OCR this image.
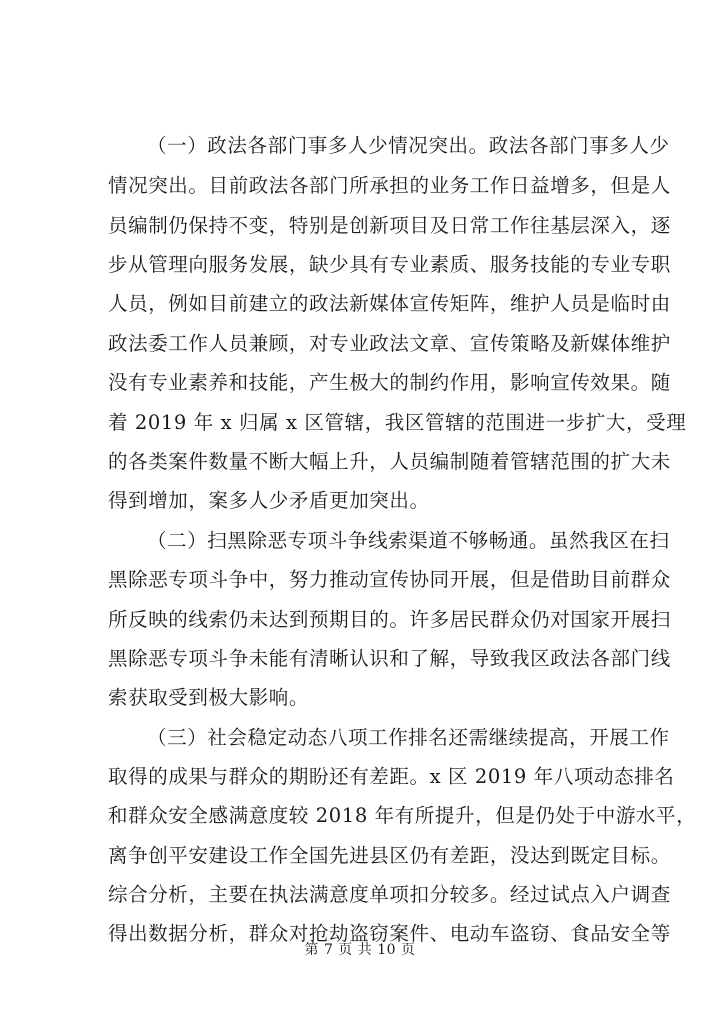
（一）政法各部门事多人少情况突出。政法各部门事多人少
情况突出。目前政法各部门所承担的业务工作日益增多，但是人
员编制仍保持不变，特别是创新项目及日常工作往基层深入，逐
步从管理向服务发展，缺少具有专业素质、服务技能的专业专职
人员，例如目前建立的政法新媒体宣传矩阵，维护人员是临时由
政法委工作人员兼顾，对专业政法文章、宣传策略及新媒体维护
没有专业素养和技能，产生极大的制约作用，影响宣传效果。随
着 2019 年 x 归属 x 区管辖，我区管辖的范围进一步扩大，受理
的各类案件数量不断大幅上升，人员编制随着管辖范围的扩大未
得到增加，案多人少矛盾更加突出。
（二）扫黑除恶专项斗争线索渠道不够畅通。虽然我区在扫
黑除恶专项斗争中，努力推动宣传协同开展，但是借助目前群众
所反映的线索仍未达到预期目的。许多居民群众仍对国家开展扫
黑除恶专项斗争未能有清晰认识和了解，导致我区政法各部门线
索获取受到极大影响。
（三）社会稳定动态八项工作排名还需继续提高，开展工作
取得的成果与群众的期盼还有差距。x 区 2019 年八项动态排名
和群众安全感满意度较 2018 年有所提升，但是仍处于中游水平，
离争创平安建设工作全国先进县区仍有差距，没达到既定目标。
综合分析，主要在执法满意度单项扣分较多。经过试点入户调查
得出数据分析，群众对抢劫盗窃案件、电动车盗窃、食品安全等
第 7 页 共 10 页
